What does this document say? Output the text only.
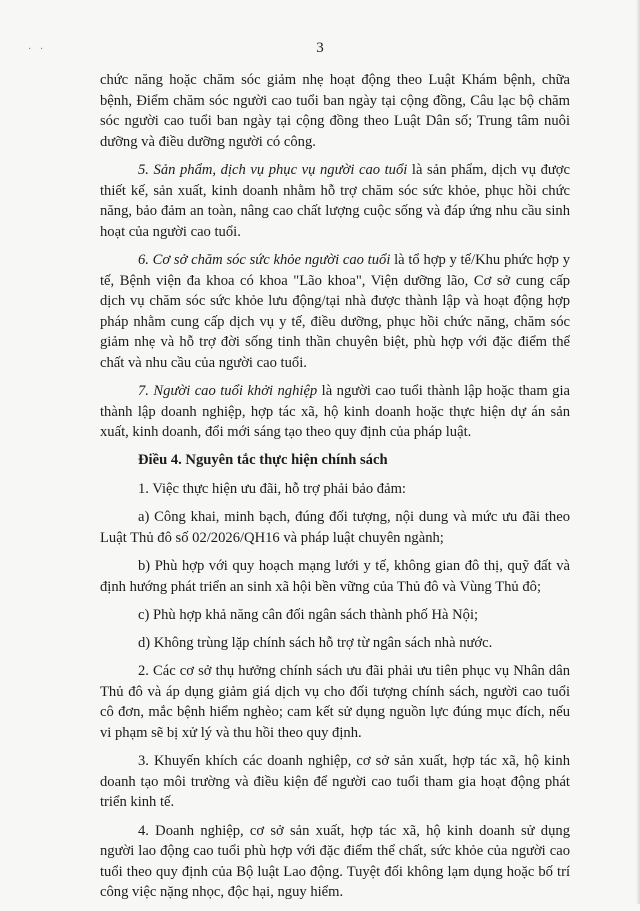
· ·	3

chức năng hoặc chăm sóc giảm nhẹ hoạt động theo Luật Khám bệnh, chữa bệnh, Điểm chăm sóc người cao tuổi ban ngày tại cộng đồng, Câu lạc bộ chăm sóc người cao tuổi ban ngày tại cộng đồng theo Luật Dân số; Trung tâm nuôi dưỡng và điều dưỡng người có công.

5. Sản phẩm, dịch vụ phục vụ người cao tuổi là sản phẩm, dịch vụ được thiết kế, sản xuất, kinh doanh nhằm hỗ trợ chăm sóc sức khỏe, phục hồi chức năng, bảo đảm an toàn, nâng cao chất lượng cuộc sống và đáp ứng nhu cầu sinh hoạt của người cao tuổi.

6. Cơ sở chăm sóc sức khỏe người cao tuổi là tổ hợp y tế/Khu phức hợp y tế, Bệnh viện đa khoa có khoa "Lão khoa", Viện dưỡng lão, Cơ sở cung cấp dịch vụ chăm sóc sức khỏe lưu động/tại nhà được thành lập và hoạt động hợp pháp nhằm cung cấp dịch vụ y tế, điều dưỡng, phục hồi chức năng, chăm sóc giảm nhẹ và hỗ trợ đời sống tinh thần chuyên biệt, phù hợp với đặc điểm thể chất và nhu cầu của người cao tuổi.

7. Người cao tuổi khởi nghiệp là người cao tuổi thành lập hoặc tham gia thành lập doanh nghiệp, hợp tác xã, hộ kinh doanh hoặc thực hiện dự án sản xuất, kinh doanh, đổi mới sáng tạo theo quy định của pháp luật.

Điều 4. Nguyên tắc thực hiện chính sách

1. Việc thực hiện ưu đãi, hỗ trợ phải bảo đảm:

a) Công khai, minh bạch, đúng đối tượng, nội dung và mức ưu đãi theo Luật Thủ đô số 02/2026/QH16 và pháp luật chuyên ngành;

b) Phù hợp với quy hoạch mạng lưới y tế, không gian đô thị, quỹ đất và định hướng phát triển an sinh xã hội bền vững của Thủ đô và Vùng Thủ đô;

c) Phù hợp khả năng cân đối ngân sách thành phố Hà Nội;

d) Không trùng lặp chính sách hỗ trợ từ ngân sách nhà nước.

2. Các cơ sở thụ hưởng chính sách ưu đãi phải ưu tiên phục vụ Nhân dân Thủ đô và áp dụng giảm giá dịch vụ cho đối tượng chính sách, người cao tuổi cô đơn, mắc bệnh hiểm nghèo; cam kết sử dụng nguồn lực đúng mục đích, nếu vi phạm sẽ bị xử lý và thu hồi theo quy định.

3. Khuyến khích các doanh nghiệp, cơ sở sản xuất, hợp tác xã, hộ kinh doanh tạo môi trường và điều kiện để người cao tuổi tham gia hoạt động phát triển kinh tế.

4. Doanh nghiệp, cơ sở sản xuất, hợp tác xã, hộ kinh doanh sử dụng người lao động cao tuổi phù hợp với đặc điểm thể chất, sức khỏe của người cao tuổi theo quy định của Bộ luật Lao động. Tuyệt đối không lạm dụng hoặc bố trí công việc nặng nhọc, độc hại, nguy hiểm.
